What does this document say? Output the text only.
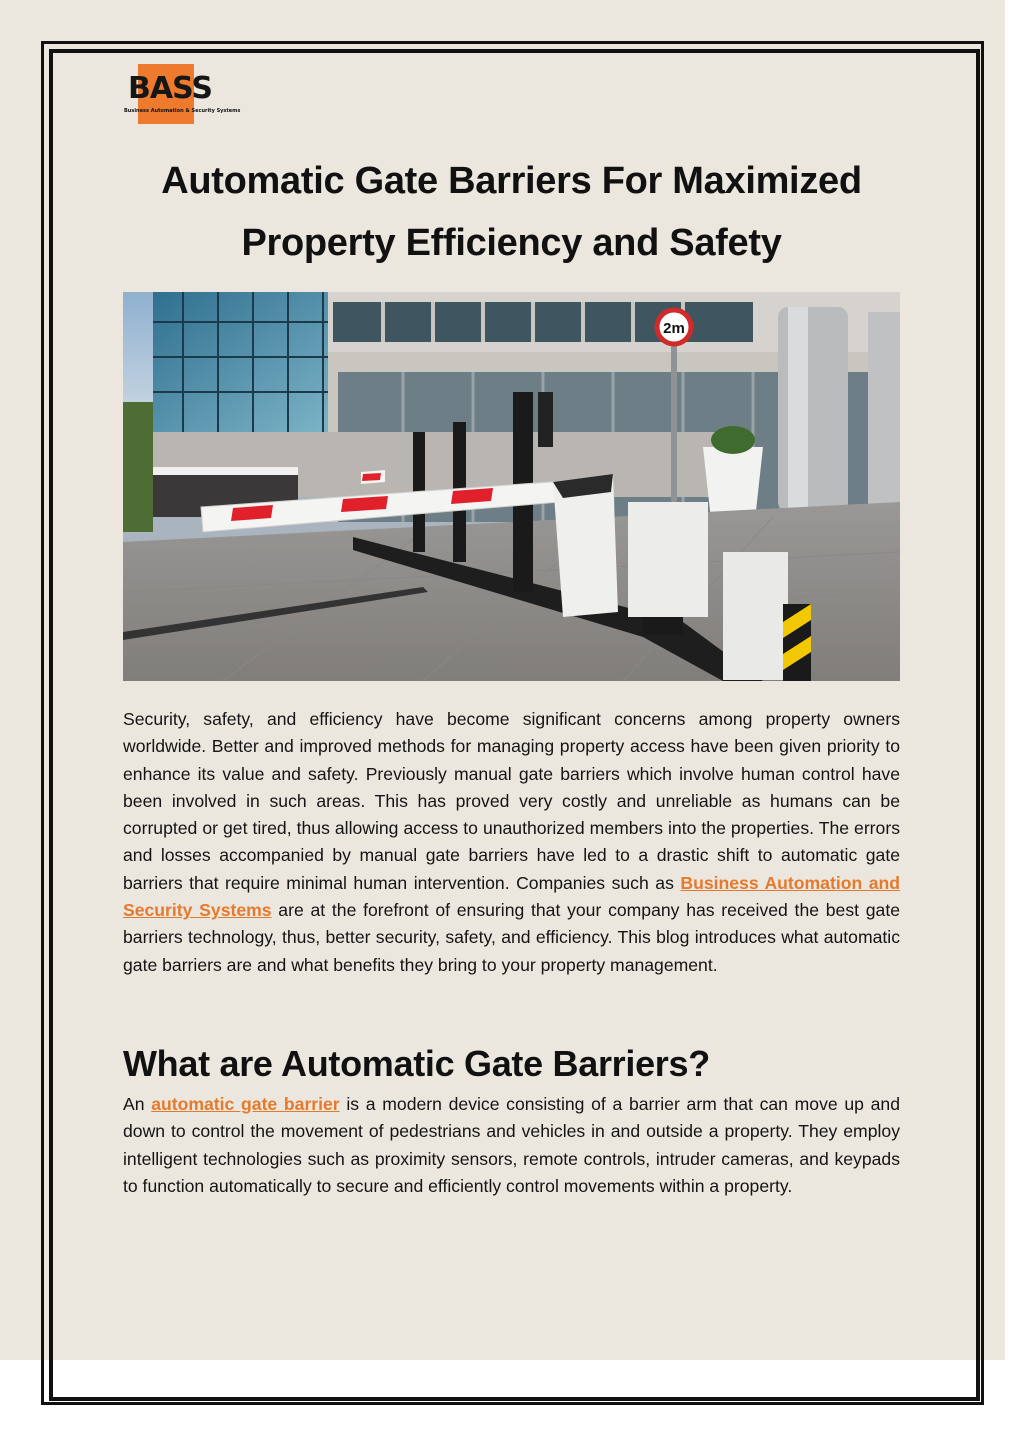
BASS
Business Automation & Security Systems
Automatic Gate Barriers For Maximized Property Efficiency and Safety
2m

Security, safety, and efficiency have become significant concerns among property owners worldwide. Better and improved methods for managing property access have been given priority to enhance its value and safety. Previously manual gate barriers which involve human control have been involved in such areas. This has proved very costly and unreliable as humans can be corrupted or get tired, thus allowing access to unauthorized members into the properties. The errors and losses accompanied by manual gate barriers have led to a drastic shift to automatic gate barriers that require minimal human intervention. Companies such as Business Automation and Security Systems are at the forefront of ensuring that your company has received the best gate barriers technology, thus, better security, safety, and efficiency. This blog introduces what automatic gate barriers are and what benefits they bring to your property management.

What are Automatic Gate Barriers?

An automatic gate barrier is a modern device consisting of a barrier arm that can move up and down to control the movement of pedestrians and vehicles in and outside a property. They employ intelligent technologies such as proximity sensors, remote controls, intruder cameras, and keypads to function automatically to secure and efficiently control movements within a property.
